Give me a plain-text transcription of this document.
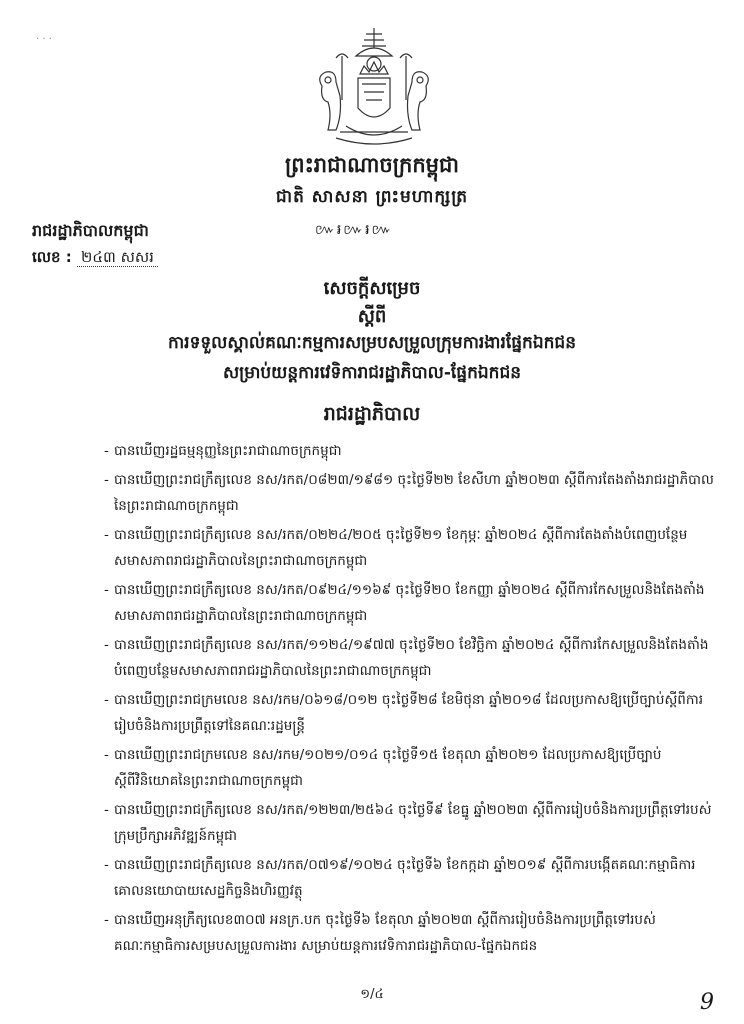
· · ·
ព្រះរាជាណាចក្រកម្ពុជា
ជាតិ សាសនា ព្រះមហាក្សត្រ
៚៛៚៛៚
រាជរដ្ឋាភិបាលកម្ពុជា
លេខ : ២៤៣ សសរ
សេចក្តីសម្រេច
ស្តីពី
ការទទួលស្គាល់គណៈកម្មការសម្របសម្រួលក្រុមការងារផ្នែកឯកជន
សម្រាប់យន្តការវេទិការាជរដ្ឋាភិបាល-ផ្នែកឯកជន
រាជរដ្ឋាភិបាល
- បានឃើញរដ្ឋធម្មនុញ្ញនៃព្រះរាជាណាចក្រកម្ពុជា
- បានឃើញព្រះរាជក្រឹត្យលេខ នស/រកត/០៨២៣/១៩៨១ ចុះថ្ងៃទី២២ ខែសីហា ឆ្នាំ២០២៣ ស្តីពីការតែងតាំងរាជរដ្ឋាភិបាលនៃព្រះរាជាណាចក្រកម្ពុជា
- បានឃើញព្រះរាជក្រឹត្យលេខ នស/រកត/០២២៤/២០៥ ចុះថ្ងៃទី២១ ខែកុម្ភៈ ឆ្នាំ២០២៤ ស្តីពីការតែងតាំងបំពេញបន្ថែមសមាសភាពរាជរដ្ឋាភិបាលនៃព្រះរាជាណាចក្រកម្ពុជា
- បានឃើញព្រះរាជក្រឹត្យលេខ នស/រកត/០៩២៤/១១៦៩ ចុះថ្ងៃទី២០ ខែកញ្ញា ឆ្នាំ២០២៤ ស្តីពីការកែសម្រួលនិងតែងតាំងសមាសភាពរាជរដ្ឋាភិបាលនៃព្រះរាជាណាចក្រកម្ពុជា
- បានឃើញព្រះរាជក្រឹត្យលេខ នស/រកត/១១២៤/១៩៧៧ ចុះថ្ងៃទី២០ ខែវិច្ឆិកា ឆ្នាំ២០២៤ ស្តីពីការកែសម្រួលនិងតែងតាំងបំពេញបន្ថែមសមាសភាពរាជរដ្ឋាភិបាលនៃព្រះរាជាណាចក្រកម្ពុជា
- បានឃើញព្រះរាជក្រមលេខ នស/រកម/០៦១៨/០១២ ចុះថ្ងៃទី២៨ ខែមិថុនា ឆ្នាំ២០១៨ ដែលប្រកាសឱ្យប្រើច្បាប់ស្តីពីការរៀបចំនិងការប្រព្រឹត្តទៅនៃគណៈរដ្ឋមន្ត្រី
- បានឃើញព្រះរាជក្រមលេខ នស/រកម/១០២១/០១៤ ចុះថ្ងៃទី១៥ ខែតុលា ឆ្នាំ២០២១ ដែលប្រកាសឱ្យប្រើច្បាប់ស្តីពីវិនិយោគនៃព្រះរាជាណាចក្រកម្ពុជា
- បានឃើញព្រះរាជក្រឹត្យលេខ នស/រកត/១២២៣/២៥៦៤ ចុះថ្ងៃទី៩ ខែធ្នូ ឆ្នាំ២០២៣ ស្តីពីការរៀបចំនិងការប្រព្រឹត្តទៅរបស់ក្រុមប្រឹក្សាអភិវឌ្ឍន៍កម្ពុជា
- បានឃើញព្រះរាជក្រឹត្យលេខ នស/រកត/០៧១៩/១០២៤ ចុះថ្ងៃទី៦ ខែកក្កដា ឆ្នាំ២០១៩ ស្តីពីការបង្កើតគណៈកម្មាធិការគោលនយោបាយសេដ្ឋកិច្ចនិងហិរញ្ញវត្ថុ
- បានឃើញអនុក្រឹត្យលេខ៣០៧ អនក្រ.បក ចុះថ្ងៃទី៦ ខែតុលា ឆ្នាំ២០២៣ ស្តីពីការរៀបចំនិងការប្រព្រឹត្តទៅរបស់គណៈកម្មាធិការសម្របសម្រួលការងារ សម្រាប់យន្តការវេទិការាជរដ្ឋាភិបាល-ផ្នែកឯកជន
១/៤	9
